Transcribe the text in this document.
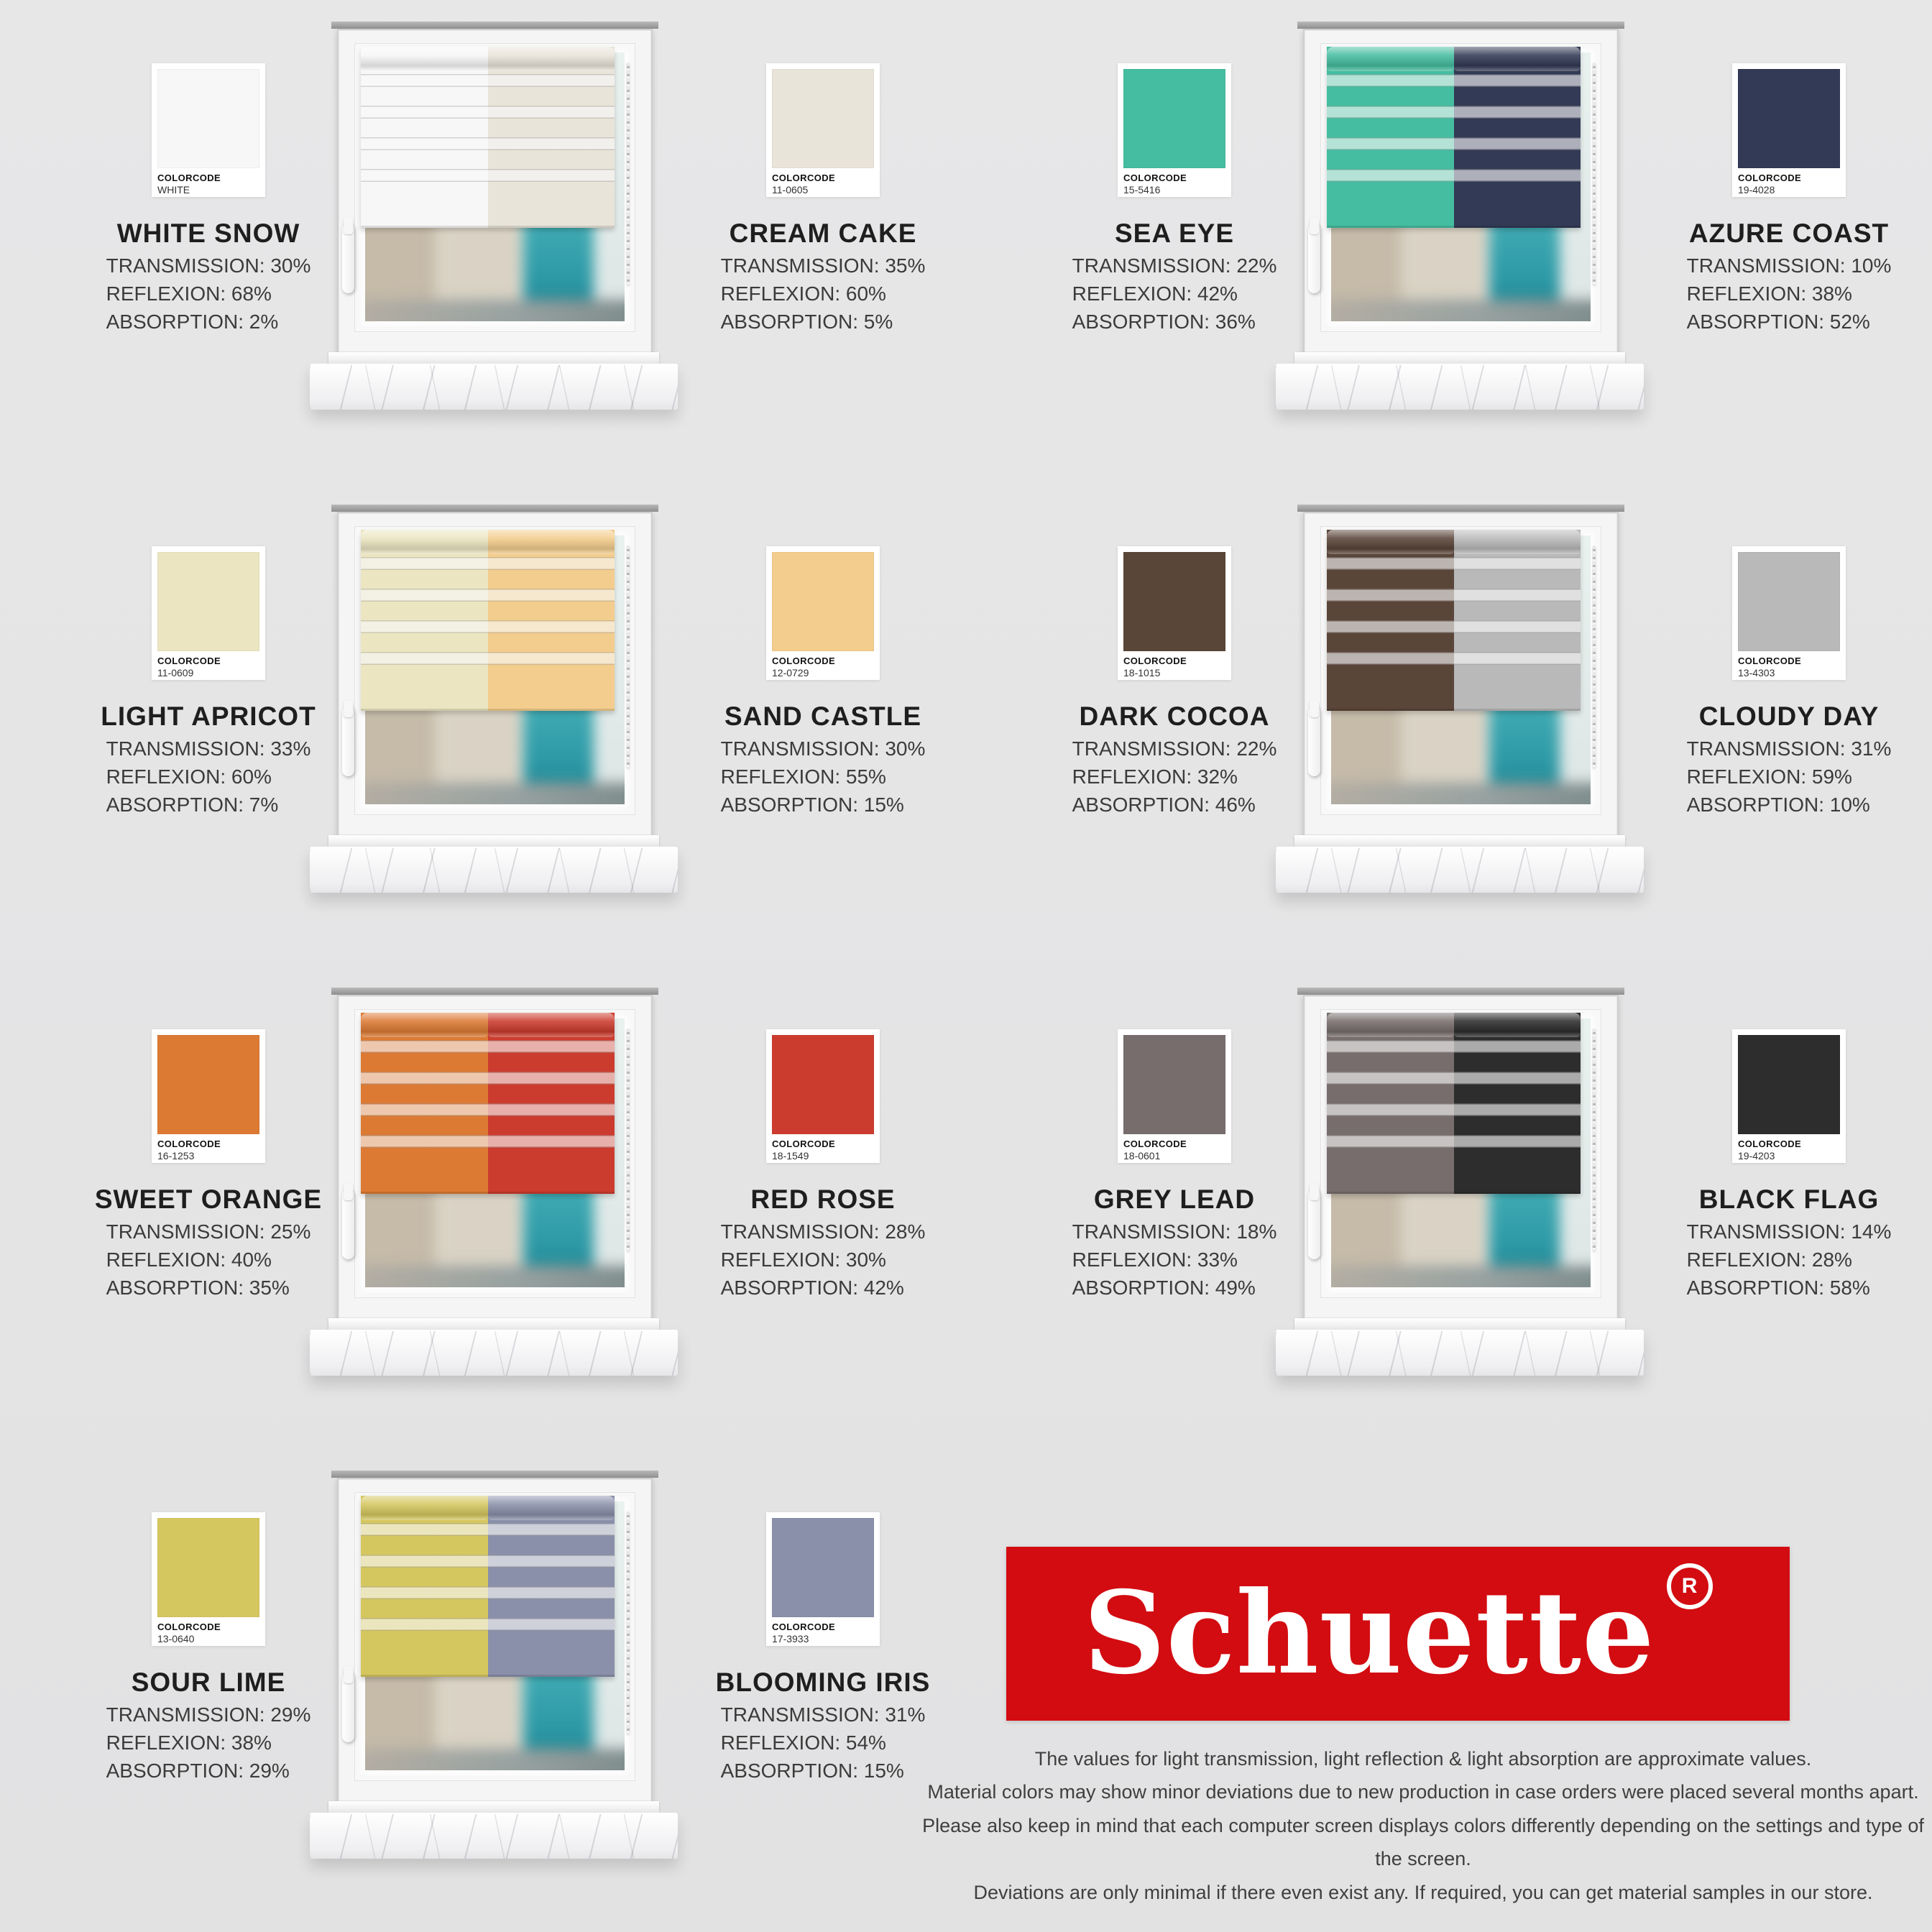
COLORCODE
WHITE
WHITE SNOW
TRANSMISSION: 30%
REFLEXION: 68%
ABSORPTION: 2%
COLORCODE
11-0605
CREAM CAKE
TRANSMISSION: 35%
REFLEXION: 60%
ABSORPTION: 5%
COLORCODE
15-5416
SEA EYE
TRANSMISSION: 22%
REFLEXION: 42%
ABSORPTION: 36%
COLORCODE
19-4028
AZURE COAST
TRANSMISSION: 10%
REFLEXION: 38%
ABSORPTION: 52%
COLORCODE
11-0609
LIGHT APRICOT
TRANSMISSION: 33%
REFLEXION: 60%
ABSORPTION: 7%
COLORCODE
12-0729
SAND CASTLE
TRANSMISSION: 30%
REFLEXION: 55%
ABSORPTION: 15%
COLORCODE
18-1015
DARK COCOA
TRANSMISSION: 22%
REFLEXION: 32%
ABSORPTION: 46%
COLORCODE
13-4303
CLOUDY DAY
TRANSMISSION: 31%
REFLEXION: 59%
ABSORPTION: 10%
COLORCODE
16-1253
SWEET ORANGE
TRANSMISSION: 25%
REFLEXION: 40%
ABSORPTION: 35%
COLORCODE
18-1549
RED ROSE
TRANSMISSION: 28%
REFLEXION: 30%
ABSORPTION: 42%
COLORCODE
18-0601
GREY LEAD
TRANSMISSION: 18%
REFLEXION: 33%
ABSORPTION: 49%
COLORCODE
19-4203
BLACK FLAG
TRANSMISSION: 14%
REFLEXION: 28%
ABSORPTION: 58%
COLORCODE
13-0640
SOUR LIME
TRANSMISSION: 29%
REFLEXION: 38%
ABSORPTION: 29%
COLORCODE
17-3933
BLOOMING IRIS
TRANSMISSION: 31%
REFLEXION: 54%
ABSORPTION: 15%
Schuette	R
The values for light transmission, light reflection & light absorption are approximate values.
Material colors may show minor deviations due to new production in case orders were placed several months apart.
Please also keep in mind that each computer screen displays colors differently depending on the settings and type of the screen.
Deviations are only minimal if there even exist any. If required, you can get material samples in our store.
